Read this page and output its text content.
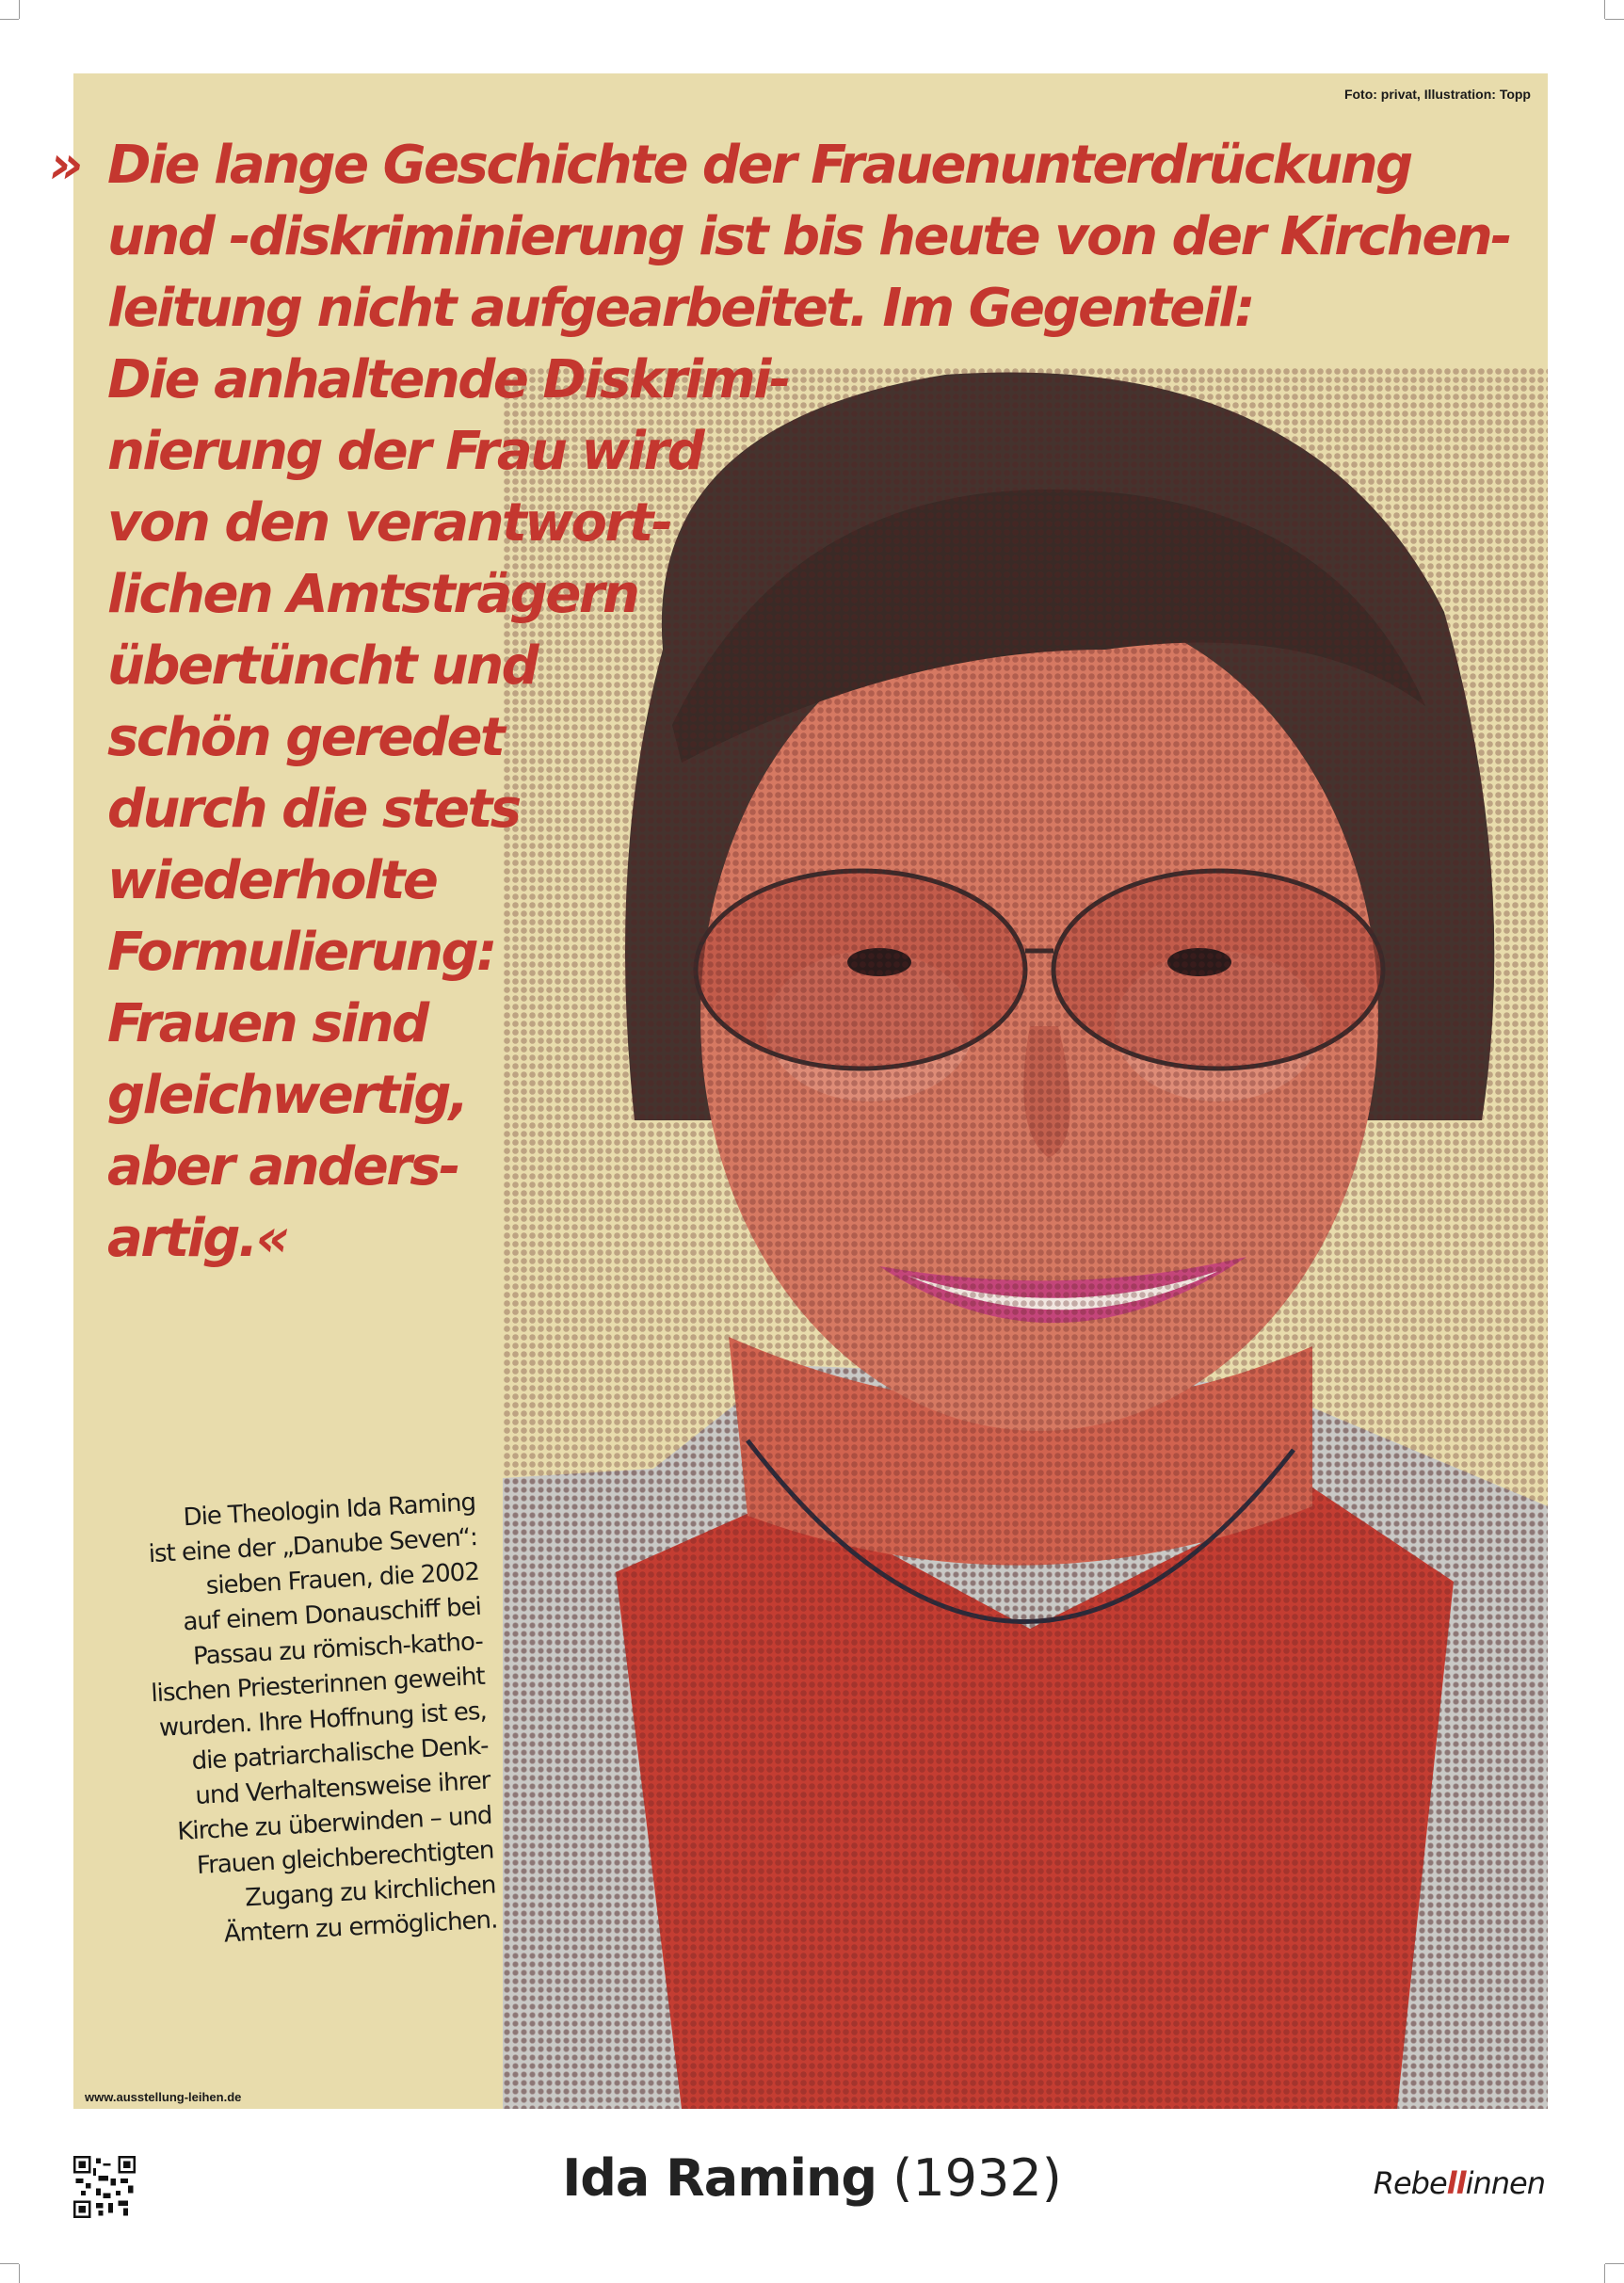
Foto: privat, Illustration: Topp
» Die lange Geschichte der Frauenunterdrückung
und -diskriminierung ist bis heute von der Kirchen-
leitung nicht aufgearbeitet. Im Gegenteil:
Die anhaltende Diskrimi-
nierung der Frau wird
von den verantwort-
lichen Amtsträgern
übertüncht und
schön geredet
durch die stets
wiederholte
Formulierung:
Frauen sind
gleichwertig,
aber anders-
artig.«
Die Theologin Ida Raming
ist eine der „Danube Seven“:
sieben Frauen, die 2002
auf einem Donauschiff bei
Passau zu römisch-katho-
lischen Priesterinnen geweiht
wurden. Ihre Hoffnung ist es,
die patriarchalische Denk-
und Verhaltensweise ihrer
Kirche zu überwinden – und
Frauen gleichberechtigten
Zugang zu kirchlichen
Ämtern zu ermöglichen.
www.ausstellung-leihen.de
Ida Raming (1932)	Rebellinnen
